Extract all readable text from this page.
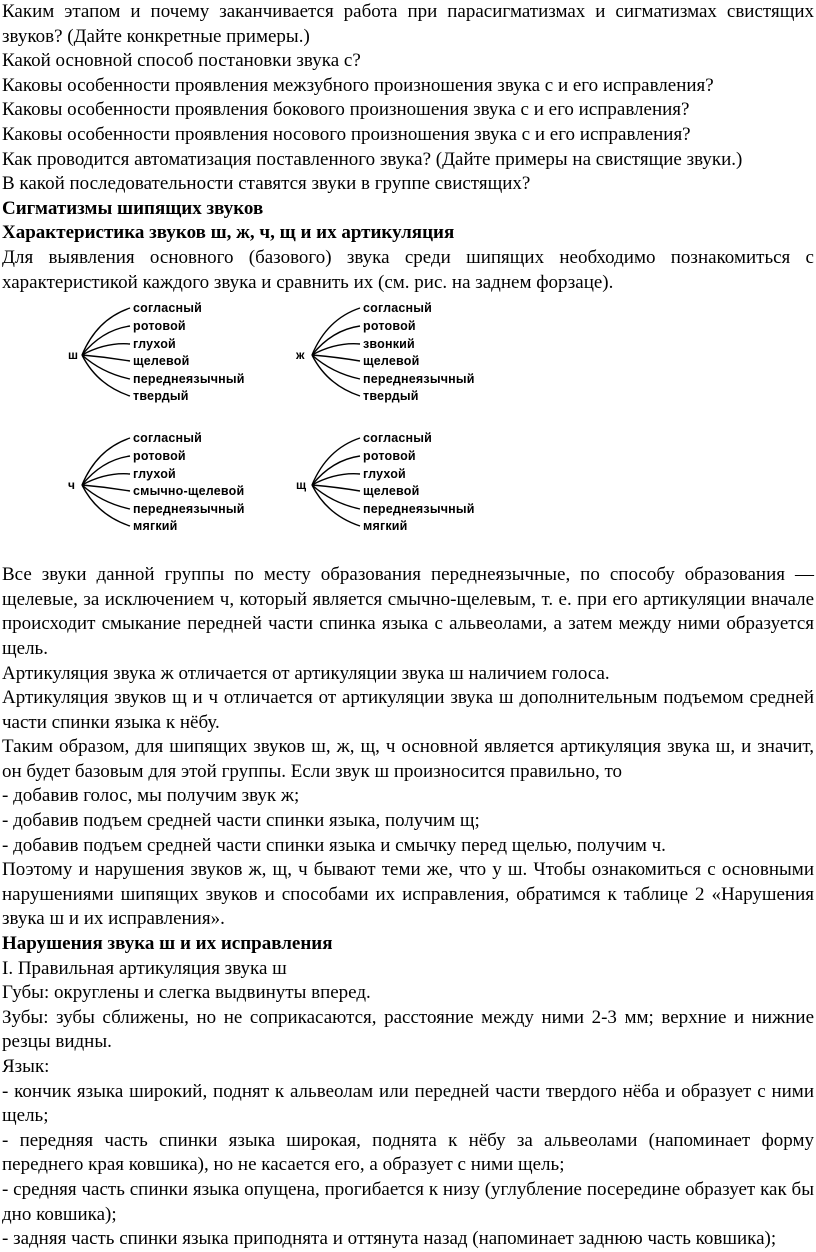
Каким этапом и почему заканчивается работа при парасигматизмах и сигматизмах свистящих звуков? (Дайте конкретные примеры.)

Какой основной способ постановки звука с?

Каковы особенности проявления межзубного произношения звука с и его исправления?

Каковы особенности проявления бокового произношения звука с и его исправления?

Каковы особенности проявления носового произношения звука с и его исправления?

Как проводится автоматизация поставленного звука? (Дайте примеры на свистящие звуки.)

В какой последовательности ставятся звуки в группе свистящих?

Сигматизмы шипящих звуков

Характеристика звуков ш, ж, ч, щ и их артикуляция

Для выявления основного (базового) звука среди шипящих необходимо познакомиться с характеристикой каждого звука и сравнить их (см. рис. на заднем форзаце).

ш
согласный
ротовой
глухой
щелевой
переднеязычный
твердый
ж
согласный
ротовой
звонкий
щелевой
переднеязычный
твердый
ч
согласный
ротовой
глухой
смычно-щелевой
переднеязычный
мягкий
щ
согласный
ротовой
глухой
щелевой
переднеязычный
мягкий

Все звуки данной группы по месту образования переднеязычные, по способу образования — щелевые, за исключением ч, который является смычно-щелевым, т. е. при его артикуляции вначале происходит смыкание передней части спинка языка с альвеолами, а затем между ними образуется щель.

Артикуляция звука ж отличается от артикуляции звука ш наличием голоса.

Артикуляция звуков щ и ч отличается от артикуляции звука ш дополнительным подъемом средней части спинки языка к нёбу.

Таким образом, для шипящих звуков ш, ж, щ, ч основной является артикуляция звука ш, и значит, он будет базовым для этой группы. Если звук ш произносится правильно, то

- добавив голос, мы получим звук ж;

- добавив подъем средней части спинки языка, получим щ;

- добавив подъем средней части спинки языка и смычку перед щелью, получим ч.

Поэтому и нарушения звуков ж, щ, ч бывают теми же, что у ш. Чтобы ознакомиться с основными нарушениями шипящих звуков и способами их исправления, обратимся к таблице 2 «Нарушения звука ш и их исправления».

Нарушения звука ш и их исправления

I. Правильная артикуляция звука ш

Губы: округлены и слегка выдвинуты вперед.

Зубы: зубы сближены, но не соприкасаются, расстояние между ними 2-3 мм; верхние и нижние резцы видны.

Язык:

- кончик языка широкий, поднят к альвеолам или передней части твердого нёба и образует с ними щель;

- передняя часть спинки языка широкая, поднята к нёбу за альвеолами (напоминает форму переднего края ковшика), но не касается его, а образует с ними щель;

- средняя часть спинки языка опущена, прогибается к низу (углубление посередине образует как бы дно ковшика);

- задняя часть спинки языка приподнята и оттянута назад (напоминает заднюю часть ковшика);
